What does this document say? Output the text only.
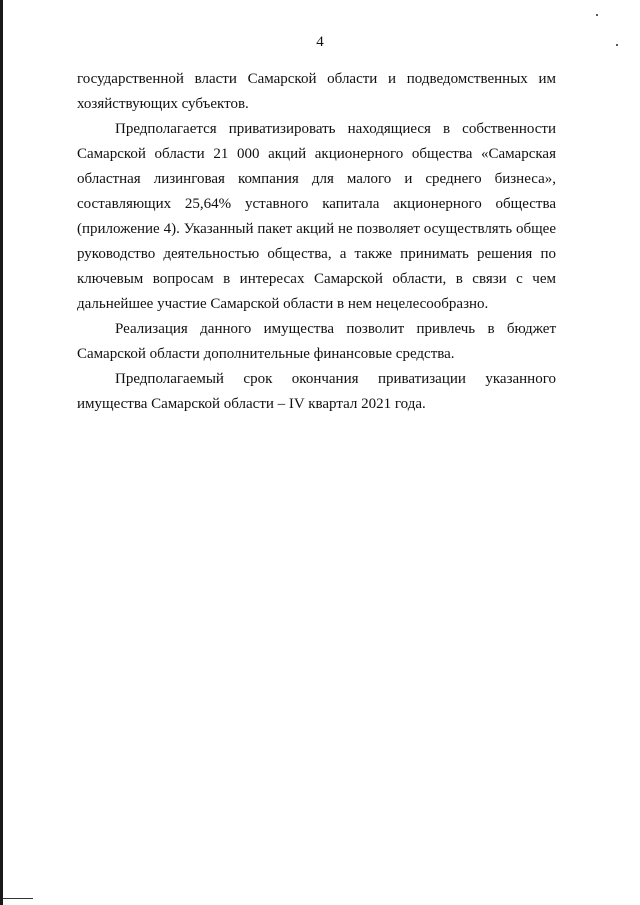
4
государственной власти Самарской области и подведомственных им
хозяйствующих субъектов.
Предполагается приватизировать находящиеся в собственности
Самарской области 21 000 акций акционерного общества «Самарская
областная лизинговая компания для малого и среднего бизнеса»,
составляющих 25,64% уставного капитала акционерного общества
(приложение 4). Указанный пакет акций не позволяет осуществлять общее
руководство деятельностью общества, а также принимать решения по
ключевым вопросам в интересах Самарской области, в связи с чем
дальнейшее участие Самарской области в нем нецелесообразно.
Реализация данного имущества позволит привлечь в бюджет
Самарской области дополнительные финансовые средства.
Предполагаемый срок окончания приватизации указанного
имущества Самарской области – IV квартал 2021 года.
